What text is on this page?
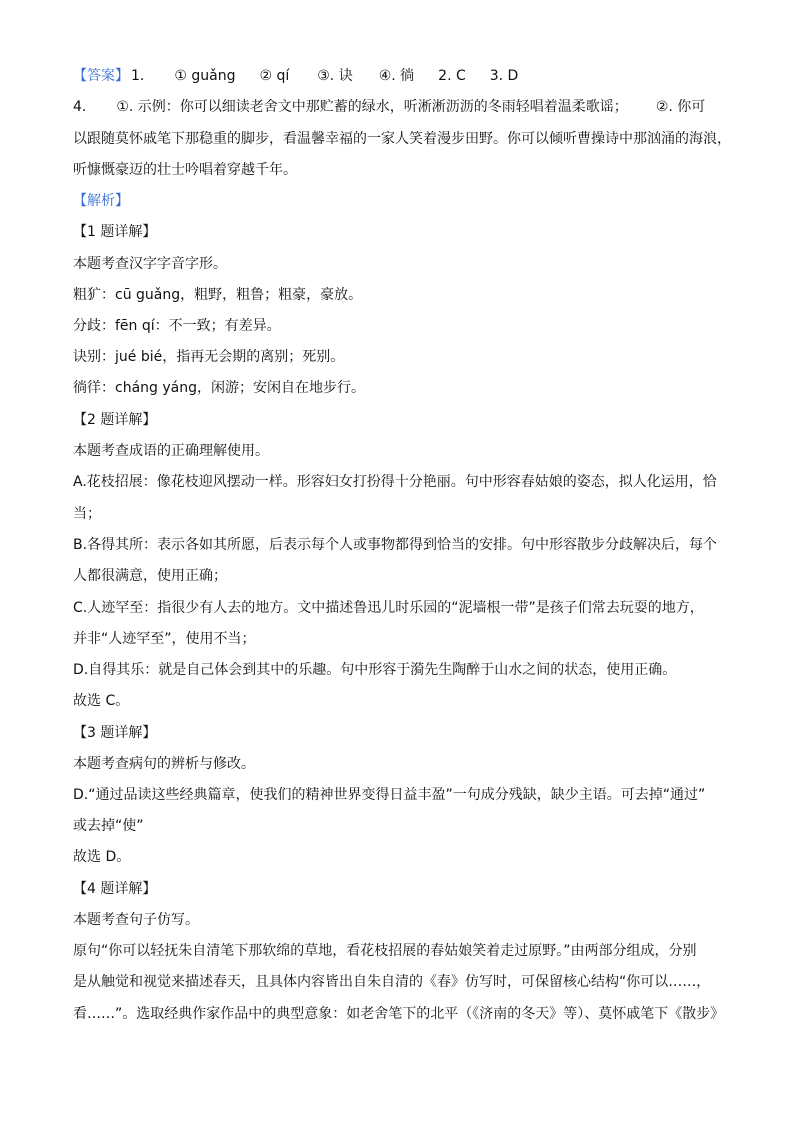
【答案】 1. ① guǎng ② qí ③. 诀 ④. 徜 2. C 3. D
4. ①. 示例：你可以细读老舍文中那贮蓄的绿水，听淅淅沥沥的冬雨轻唱着温柔歌谣； ②. 你可
以跟随莫怀戚笔下那稳重的脚步，看温馨幸福的一家人笑着漫步田野。你可以倾听曹操诗中那汹涌的海浪，
听慷慨豪迈的壮士吟唱着穿越千年。
【解析】
【1 题详解】
本题考查汉字字音字形。
粗犷：cū guǎng，粗野，粗鲁；粗豪，豪放。
分歧：fēn qí：不一致；有差异。
诀别：jué bié，指再无会期的离别；死别。
徜徉：cháng yáng，闲游；安闲自在地步行。
【2 题详解】
本题考查成语的正确理解使用。
A.花枝招展：像花枝迎风摆动一样。形容妇女打扮得十分艳丽。句中形容春姑娘的姿态，拟人化运用，恰
当；
B.各得其所：表示各如其所愿，后表示每个人或事物都得到恰当的安排。句中形容散步分歧解决后，每个
人都很满意，使用正确；
C.人迹罕至：指很少有人去的地方。文中描述鲁迅儿时乐园的“泥墙根一带”是孩子们常去玩耍的地方，
并非“人迹罕至”，使用不当；
D.自得其乐：就是自己体会到其中的乐趣。句中形容于漪先生陶醉于山水之间的状态，使用正确。
故选 C。
【3 题详解】
本题考查病句的辨析与修改。
D.“通过品读这些经典篇章，使我们的精神世界变得日益丰盈”一句成分残缺，缺少主语。可去掉“通过”
或去掉“使”
故选 D。
【4 题详解】
本题考查句子仿写。
原句“你可以轻抚朱自清笔下那软绵的草地，看花枝招展的春姑娘笑着走过原野。”由两部分组成，分别
是从触觉和视觉来描述春天，且具体内容皆出自朱自清的《春》仿写时，可保留核心结构“你可以……，
看……”。选取经典作家作品中的典型意象：如老舍笔下的北平（《济南的冬天》等）、莫怀戚笔下《散步》
